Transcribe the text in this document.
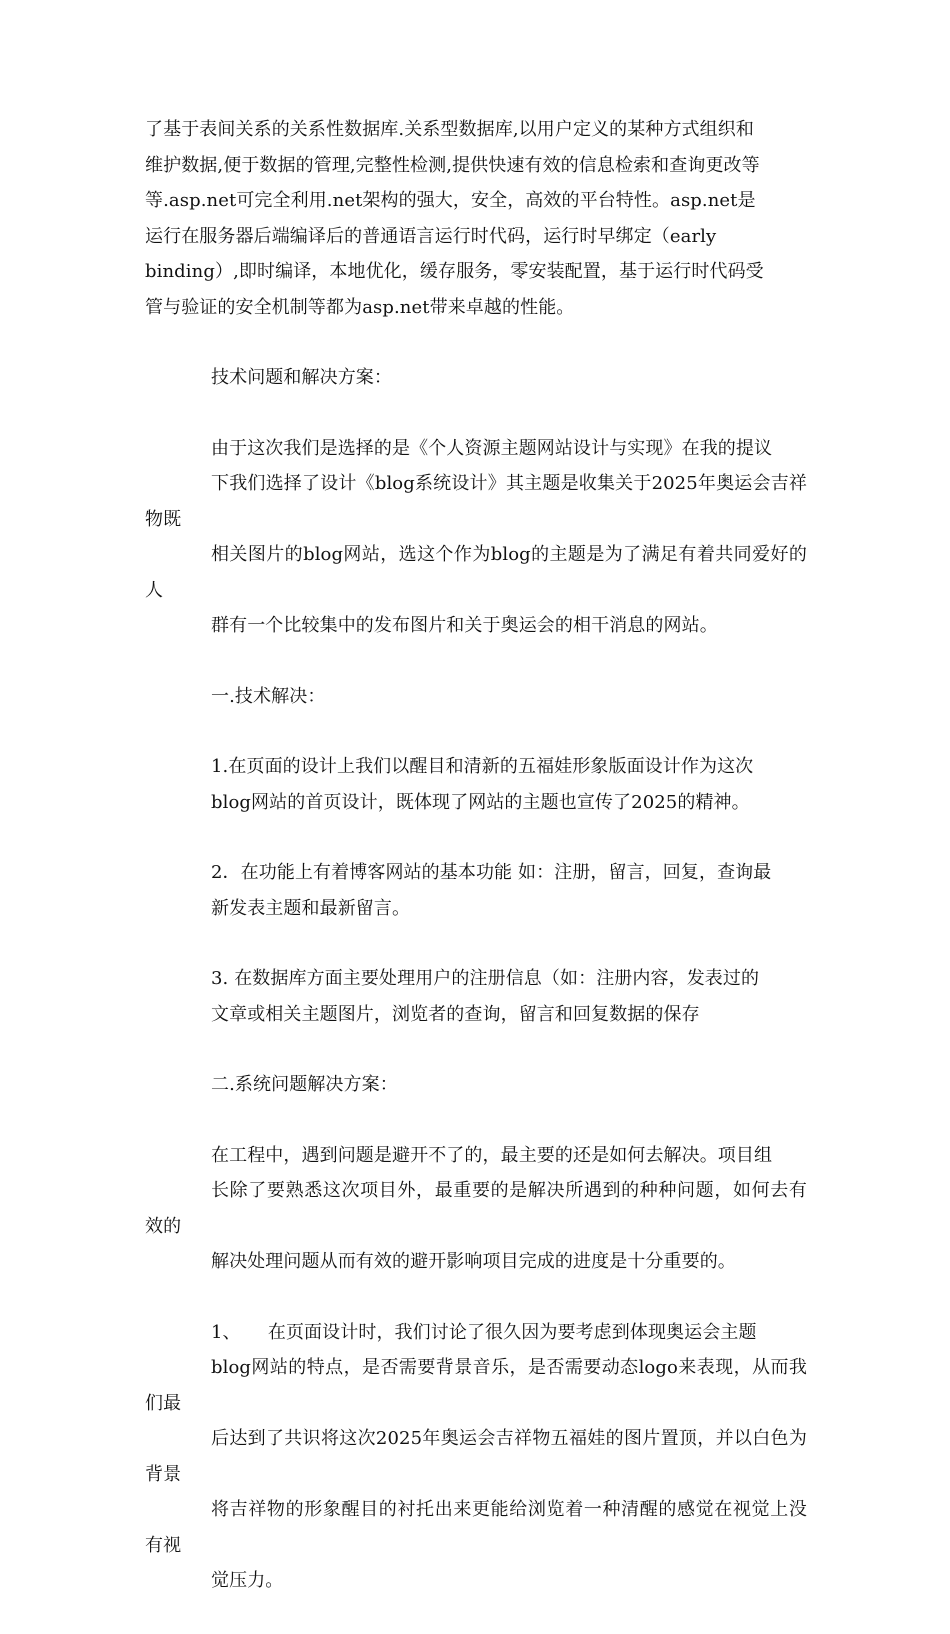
了基于表间关系的关系性数据库.关系型数据库,以用户定义的某种方式组织和
维护数据,便于数据的管理,完整性检测,提供快速有效的信息检索和查询更改等
等.asp.net可完全利用.net架构的强大，安全，高效的平台特性。asp.net是
运行在服务器后端编译后的普通语言运行时代码，运行时早绑定（early
binding）,即时编译，本地优化，缓存服务，零安装配置，基于运行时代码受
管与验证的安全机制等都为asp.net带来卓越的性能。

技术问题和解决方案：

由于这次我们是选择的是《个人资源主题网站设计与实现》在我的提议
下我们选择了设计《blog系统设计》其主题是收集关于2025年奥运会吉祥物既
相关图片的blog网站，选这个作为blog的主题是为了满足有着共同爱好的人
群有一个比较集中的发布图片和关于奥运会的相干消息的网站。

一.技术解决：

1.在页面的设计上我们以醒目和清新的五福娃形象版面设计作为这次
blog网站的首页设计，既体现了网站的主题也宣传了2025的精神。

2．在功能上有着博客网站的基本功能 如：注册，留言，回复，查询最
新发表主题和最新留言。

3. 在数据库方面主要处理用户的注册信息（如：注册内容，发表过的
文章或相关主题图片，浏览者的查询，留言和回复数据的保存

二.系统问题解决方案：

在工程中，遇到问题是避开不了的，最主要的还是如何去解决。项目组
长除了要熟悉这次项目外，最重要的是解决所遇到的种种问题，如何去有效的
解决处理问题从而有效的避开影响项目完成的进度是十分重要的。

1、　　在页面设计时，我们讨论了很久因为要考虑到体现奥运会主题
blog网站的特点，是否需要背景音乐，是否需要动态logo来表现，从而我们最
后达到了共识将这次2025年奥运会吉祥物五福娃的图片置顶，并以白色为背景
将吉祥物的形象醒目的衬托出来更能给浏览着一种清醒的感觉在视觉上没有视
觉压力。
